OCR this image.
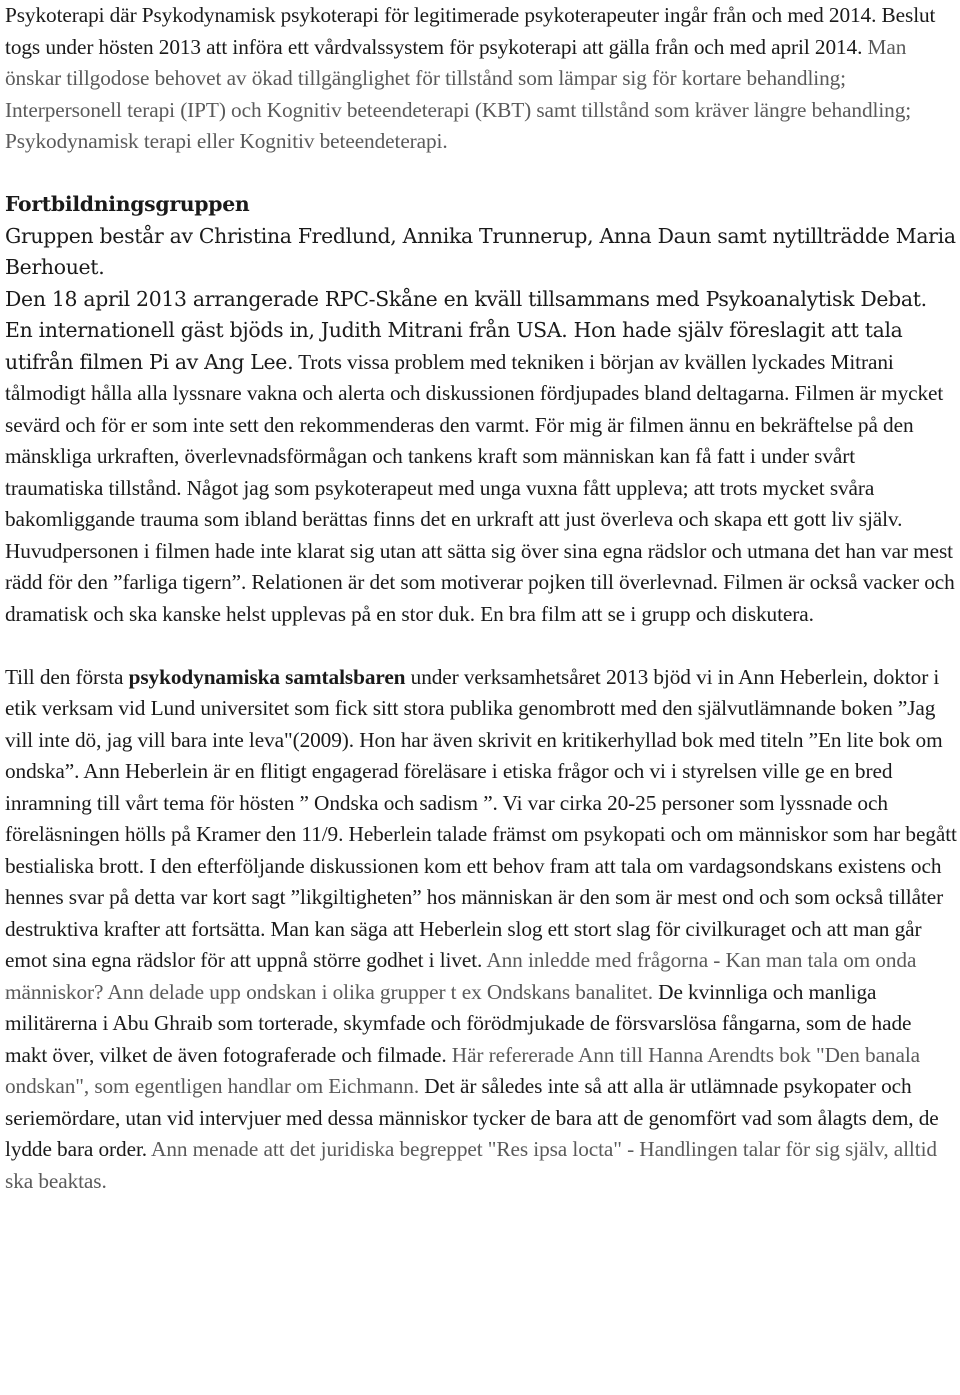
Psykoterapi där Psykodynamisk psykoterapi för legitimerade psykoterapeuter ingår från och med 2014. Beslut togs under hösten 2013 att införa ett vårdvalssystem för psykoterapi att gälla från och med april 2014. Man önskar tillgodose behovet av ökad tillgänglighet för tillstånd som lämpar sig för kortare behandling; Interpersonell terapi (IPT) och Kognitiv beteendeterapi (KBT) samt tillstånd som kräver längre behandling; Psykodynamisk terapi eller Kognitiv beteendeterapi.

Fortbildningsgruppen

Gruppen består av Christina Fredlund, Annika Trunnerup, Anna Daun samt nytillträdde Maria Berhouet.

Den 18 april 2013 arrangerade RPC-Skåne en kväll tillsammans med Psykoanalytisk Debat. En internationell gäst bjöds in, Judith Mitrani från USA. Hon hade själv föreslagit att tala utifrån filmen Pi av Ang Lee. Trots vissa problem med tekniken i början av kvällen lyckades Mitrani tålmodigt hålla alla lyssnare vakna och alerta och diskussionen fördjupades bland deltagarna. Filmen är mycket sevärd och för er som inte sett den rekommenderas den varmt. För mig är filmen ännu en bekräftelse på den mänskliga urkraften, överlevnadsförmågan och tankens kraft som människan kan få fatt i under svårt traumatiska tillstånd. Något jag som psykoterapeut med unga vuxna fått uppleva; att trots mycket svåra bakomliggande trauma som ibland berättas finns det en urkraft att just överleva och skapa ett gott liv själv. Huvudpersonen i filmen hade inte klarat sig utan att sätta sig över sina egna rädslor och utmana det han var mest rädd för den ”farliga tigern”. Relationen är det som motiverar pojken till överlevnad. Filmen är också vacker och dramatisk och ska kanske helst upplevas på en stor duk. En bra film att se i grupp och diskutera.

Till den första psykodynamiska samtalsbaren under verksamhetsåret 2013 bjöd vi in Ann Heberlein, doktor i etik verksam vid Lund universitet som fick sitt stora publika genombrott med den självutlämnande boken ”Jag vill inte dö, jag vill bara inte leva"(2009). Hon har även skrivit en kritikerhyllad bok med titeln ”En lite bok om ondska”. Ann Heberlein är en flitigt engagerad föreläsare i etiska frågor och vi i styrelsen ville ge en bred inramning till vårt tema för hösten ” Ondska och sadism ”. Vi var cirka 20-25 personer som lyssnade och föreläsningen hölls på Kramer den 11/9. Heberlein talade främst om psykopati och om människor som har begått bestialiska brott. I den efterföljande diskussionen kom ett behov fram att tala om vardagsondskans existens och hennes svar på detta var kort sagt ”likgiltigheten” hos människan är den som är mest ond och som också tillåter destruktiva krafter att fortsätta. Man kan säga att Heberlein slog ett stort slag för civilkuraget och att man går emot sina egna rädslor för att uppnå större godhet i livet. Ann inledde med frågorna - Kan man tala om onda människor? Ann delade upp ondskan i olika grupper t ex Ondskans banalitet. De kvinnliga och manliga militärerna i Abu Ghraib som torterade, skymfade och förödmjukade de försvarslösa fångarna, som de hade makt över, vilket de även fotograferade och filmade. Här refererade Ann till Hanna Arendts bok "Den banala ondskan", som egentligen handlar om Eichmann. Det är således inte så att alla är utlämnade psykopater och seriemördare, utan vid intervjuer med dessa människor tycker de bara att de genomfört vad som ålagts dem, de lydde bara order. Ann menade att det juridiska begreppet "Res ipsa locta" - Handlingen talar för sig själv, alltid ska beaktas.
